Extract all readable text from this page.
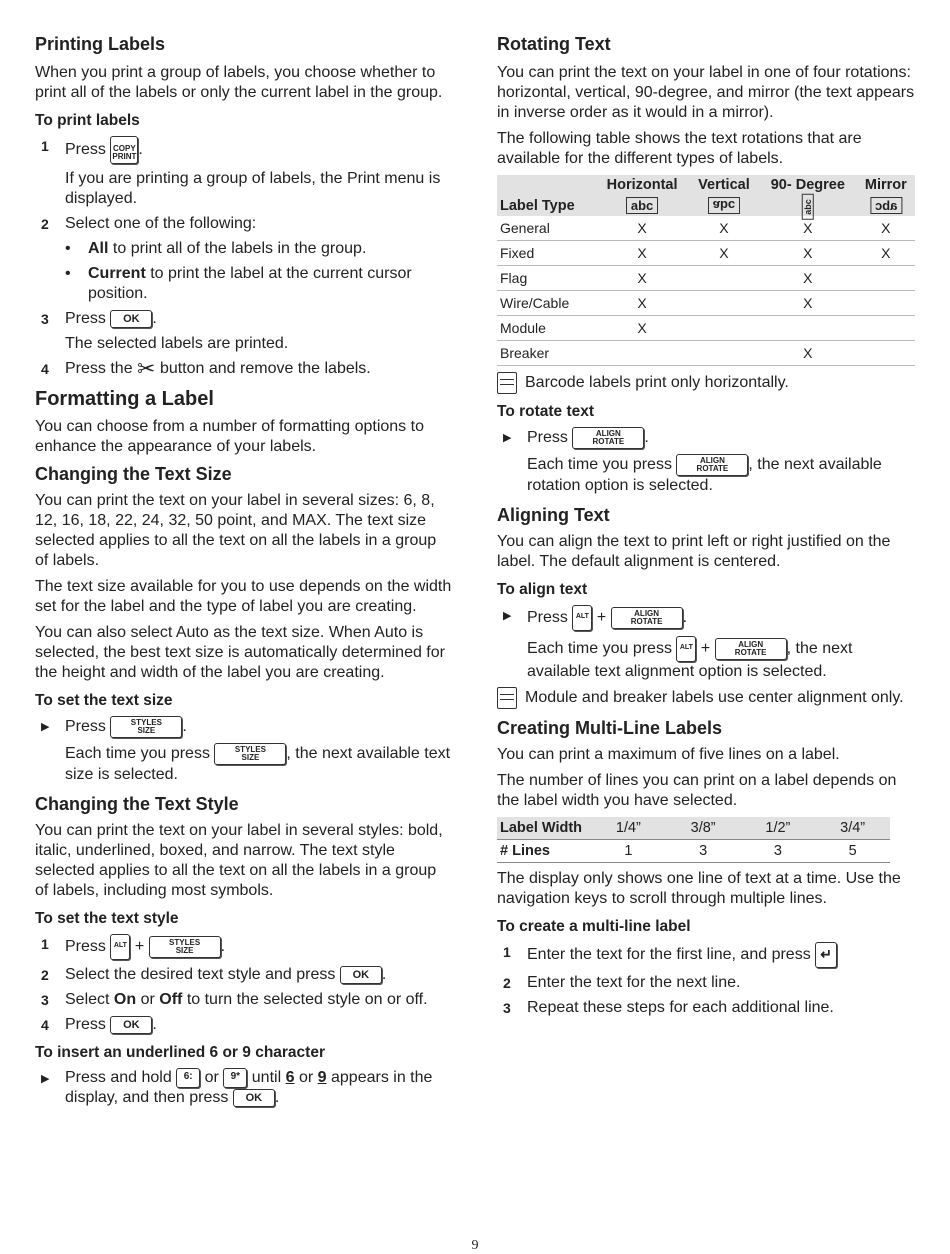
Printing Labels

When you print a group of labels, you choose whether to print all of the labels or only the current label in the group.

To print labels
1 Press COPY
PRINT .
If you are printing a group of labels, the Print menu is displayed.
2 Select one of the following:
• All to print all of the labels in the group.
• Current to print the label at the current cursor position.
3 Press OK .
The selected labels are printed.
4 Press the ✂ button and remove the labels.
Formatting a Label

You can choose from a number of formatting options to enhance the appearance of your labels.

Changing the Text Size

You can print the text on your label in several sizes: 6, 8, 12, 16, 18, 22, 24, 32, 50 point, and MAX. The text size selected applies to all the text on all the labels in a group of labels.

The text size available for you to use depends on the width set for the label and the type of label you are creating.

You can also select Auto as the text size. When Auto is selected, the best text size is automatically determined for the height and width of the label you are creating.

To set the text size
▶ Press	STYLES
SIZE .
Each time you press	STYLES
SIZE , the next available text size is selected.
Changing the Text Style

You can print the text on your label in several styles: bold, italic, underlined, boxed, and narrow. The text style selected applies to all the text on all the labels in a group of labels, including most symbols.

To set the text style
1 Press ALT +	STYLES
SIZE .
2 Select the desired text style and press OK .
3 Select On or Off to turn the selected style on or off.
4 Press OK .
To insert an underlined 6 or 9 character
▶ Press and hold 6: or 9* until 6 or 9 appears in the display, and then press OK .
Rotating Text

You can print the text on your label in one of four rotations: horizontal, vertical, 90-degree, and mirror (the text appears in inverse order as it would in a mirror).

The following table shows the text rotations that are available for the different types of labels.

Label Type	Horizontal	Vertical	90- Degree	Mirror
	abc	abc	abc	abc
General	X	X	X	X
Fixed	X	X	X	X
Flag	X		X	
Wire/Cable	X		X	
Module	X			
Breaker			X	
Barcode labels print only horizontally.
To rotate text
▶ Press	ALIGN
ROTATE .
Each time you press	ALIGN
ROTATE , the next available rotation option is selected.
Aligning Text

You can align the text to print left or right justified on the label. The default alignment is centered.

To align text
▶ Press ALT +	ALIGN
ROTATE .
Each time you press ALT +	ALIGN
ROTATE , the next available text alignment option is selected.
Module and breaker labels use center alignment only.
Creating Multi-Line Labels

You can print a maximum of five lines on a label.

The number of lines you can print on a label depends on the label width you have selected.

Label Width	1/4”	3/8”	1/2”	3/4”
# Lines	1	3	3	5

The display only shows one line of text at a time. Use the navigation keys to scroll through multiple lines.

To create a multi-line label
1 Enter the text for the first line, and press ↵
2 Enter the text for the next line.
3 Repeat these steps for each additional line.
9
